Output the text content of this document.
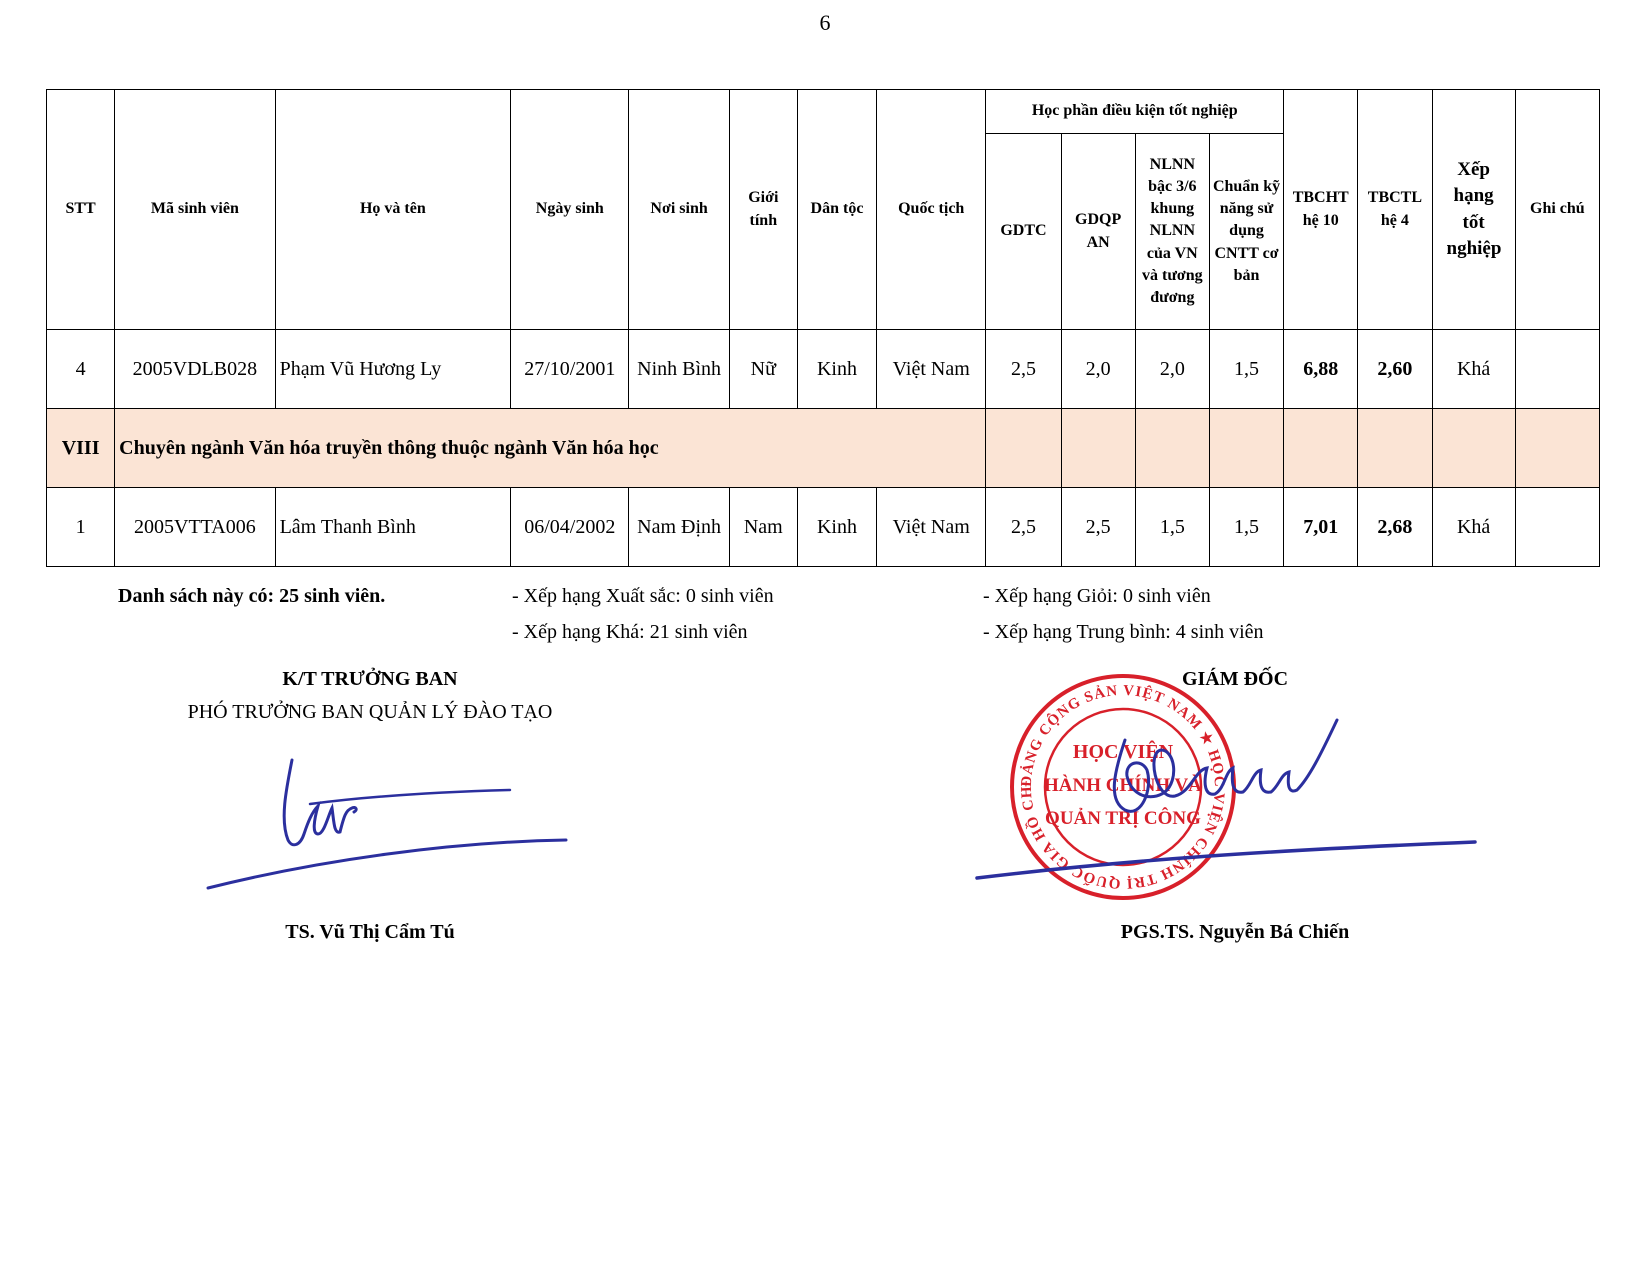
6
STT	Mã sinh viên	Họ và tên	Ngày sinh	Nơi sinh	Giới tính	Dân tộc	Quốc tịch	Học phần điều kiện tốt nghiệp				TBCHT hệ 10	TBCTL hệ 4	Xếp hạng tốt nghiệp	Ghi chú
								GDTC	GDQP AN	NLNN bậc 3/6 khung NLNN của VN và tương đương	Chuẩn kỹ năng sử dụng CNTT cơ bản				
4	2005VDLB028	Phạm Vũ Hương Ly	27/10/2001	Ninh Bình	Nữ	Kinh	Việt Nam	2,5	2,0	2,0	1,5	6,88	2,60	Khá	
VIII	Chuyên ngành Văn hóa truyền thông thuộc ngành Văn hóa học														
1	2005VTTA006	Lâm Thanh Bình	06/04/2002	Nam Định	Nam	Kinh	Việt Nam	2,5	2,5	1,5	1,5	7,01	2,68	Khá	
Danh sách này có: 25 sinh viên.	- Xếp hạng Xuất sắc: 0 sinh viên	- Xếp hạng Giỏi: 0 sinh viên
- Xếp hạng Khá: 21 sinh viên	- Xếp hạng Trung bình: 4 sinh viên
K/T TRƯỞNG BAN
PHÓ TRƯỞNG BAN QUẢN LÝ ĐÀO TẠO
TS. Vũ Thị Cẩm Tú
GIÁM ĐỐC
ĐẢNG CỘNG SẢN VIỆT NAM ★ HỌC VIỆN CHÍNH TRỊ QUỐC GIA HỒ CHÍ MINH ★
HỌC VIỆN
HÀNH CHÍNH VÀ
QUẢN TRỊ CÔNG
PGS.TS. Nguyễn Bá Chiến
